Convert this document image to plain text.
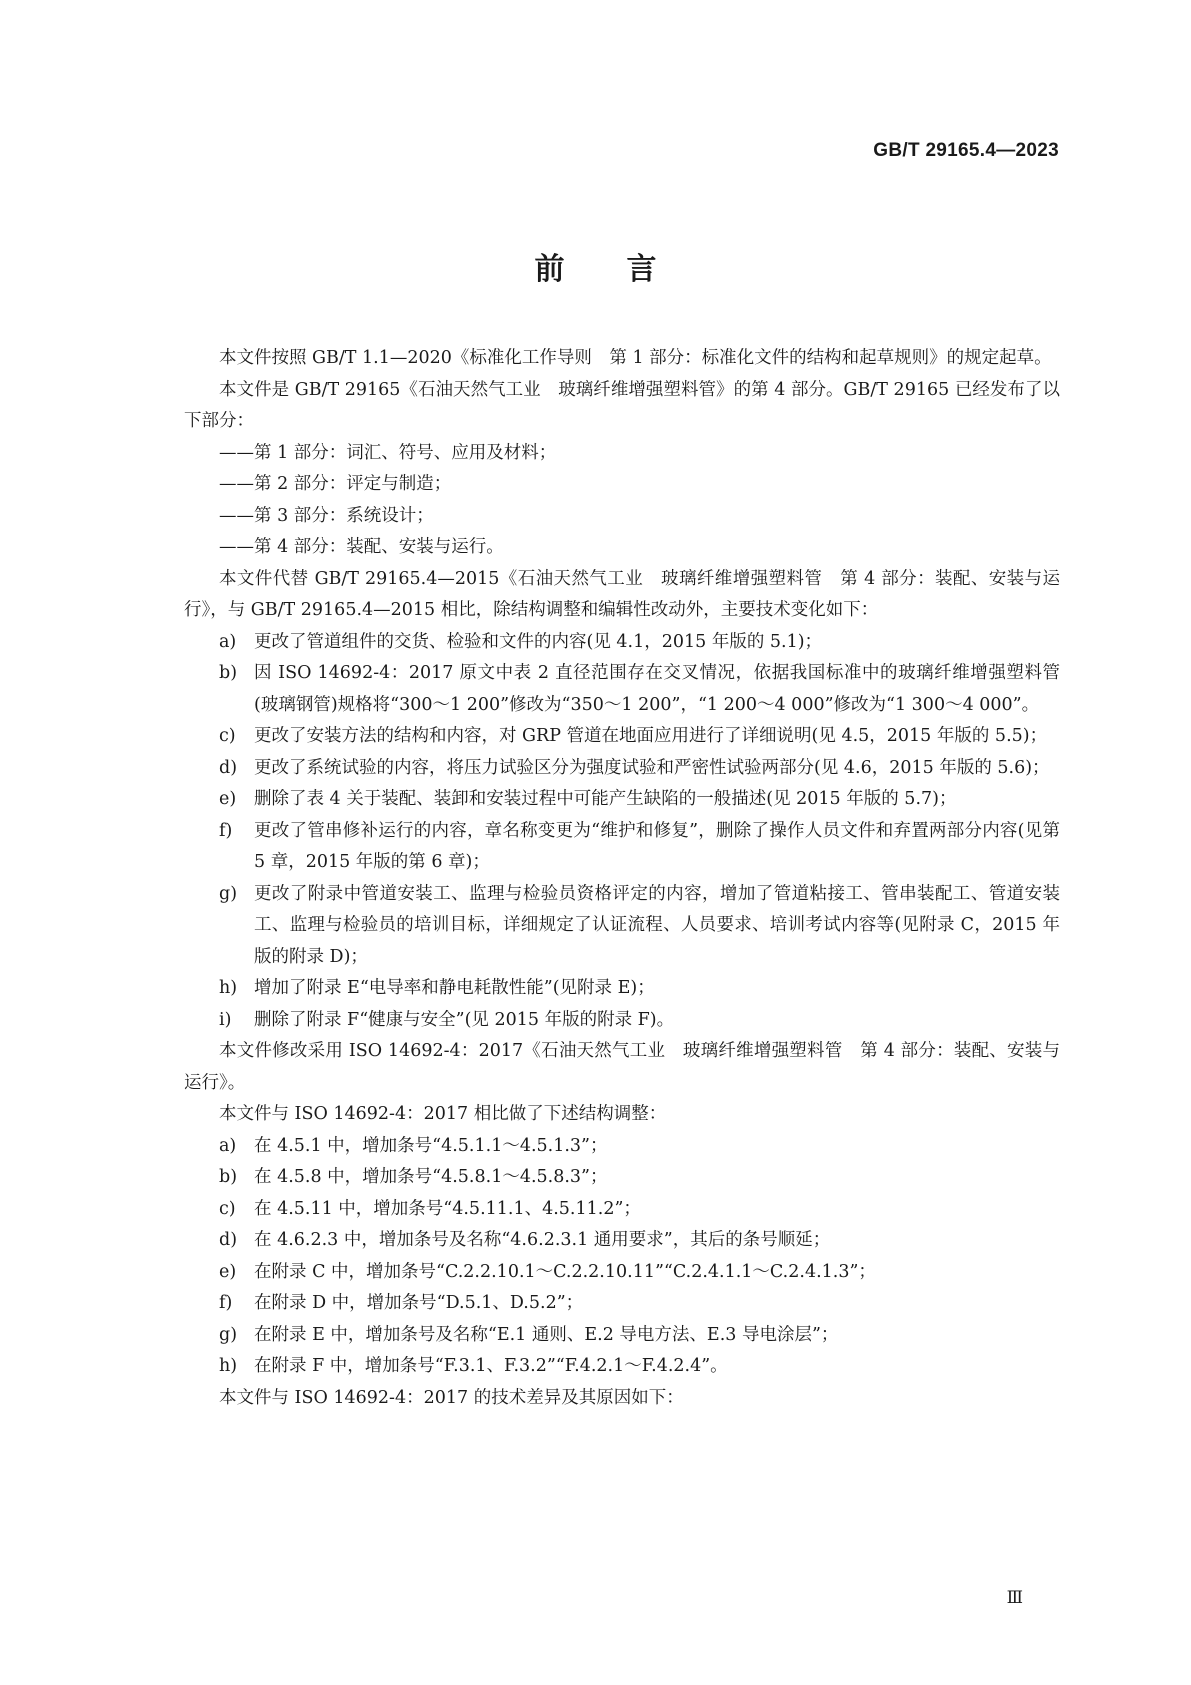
GB/T 29165.4—2023
前 言

本文件按照 GB/T 1.1—2020《标准化工作导则　第 1 部分：标准化文件的结构和起草规则》的规定起草。

本文件是 GB/T 29165《石油天然气工业　玻璃纤维增强塑料管》的第 4 部分。GB/T 29165 已经发布了以下部分：

——第 1 部分：词汇、符号、应用及材料；

——第 2 部分：评定与制造；

——第 3 部分：系统设计；

——第 4 部分：装配、安装与运行。

本文件代替 GB/T 29165.4—2015《石油天然气工业　玻璃纤维增强塑料管　第 4 部分：装配、安装与运行》，与 GB/T 29165.4—2015 相比，除结构调整和编辑性改动外，主要技术变化如下：

a)	更改了管道组件的交货、检验和文件的内容(见 4.1，2015 年版的 5.1)；
b) 因 ISO 14692-4：2017 原文中表 2 直径范围存在交叉情况，依据我国标准中的玻璃纤维增强塑料管(玻璃钢管)规格将“300～1 200”修改为“350～1 200”，“1 200～4 000”修改为“1 300～4 000”。
c)	更改了安装方法的结构和内容，对 GRP 管道在地面应用进行了详细说明(见 4.5，2015 年版的 5.5)；
d) 更改了系统试验的内容，将压力试验区分为强度试验和严密性试验两部分(见 4.6，2015 年版的 5.6)；
e)	删除了表 4 关于装配、装卸和安装过程中可能产生缺陷的一般描述(见 2015 年版的 5.7)；
f)	更改了管串修补运行的内容，章名称变更为“维护和修复”，删除了操作人员文件和弃置两部分内容(见第 5 章，2015 年版的第 6 章)；
g) 更改了附录中管道安装工、监理与检验员资格评定的内容，增加了管道粘接工、管串装配工、管道安装工、监理与检验员的培训目标，详细规定了认证流程、人员要求、培训考试内容等(见附录 C，2015 年版的附录 D)；
h) 增加了附录 E“电导率和静电耗散性能”(见附录 E)；
i)	删除了附录 F“健康与安全”(见 2015 年版的附录 F)。

本文件修改采用 ISO 14692-4：2017《石油天然气工业　玻璃纤维增强塑料管　第 4 部分：装配、安装与运行》。

本文件与 ISO 14692-4：2017 相比做了下述结构调整：

a)	在 4.5.1 中，增加条号“4.5.1.1～4.5.1.3”；
b) 在 4.5.8 中，增加条号“4.5.8.1～4.5.8.3”；
c)	在 4.5.11 中，增加条号“4.5.11.1、4.5.11.2”；
d) 在 4.6.2.3 中，增加条号及名称“4.6.2.3.1 通用要求”，其后的条号顺延；
e)	在附录 C 中，增加条号“C.2.2.10.1～C.2.2.10.11”“C.2.4.1.1～C.2.4.1.3”；
f)	在附录 D 中，增加条号“D.5.1、D.5.2”；
g) 在附录 E 中，增加条号及名称“E.1 通则、E.2 导电方法、E.3 导电涂层”；
h) 在附录 F 中，增加条号“F.3.1、F.3.2”“F.4.2.1～F.4.2.4”。

本文件与 ISO 14692-4：2017 的技术差异及其原因如下：

Ⅲ
